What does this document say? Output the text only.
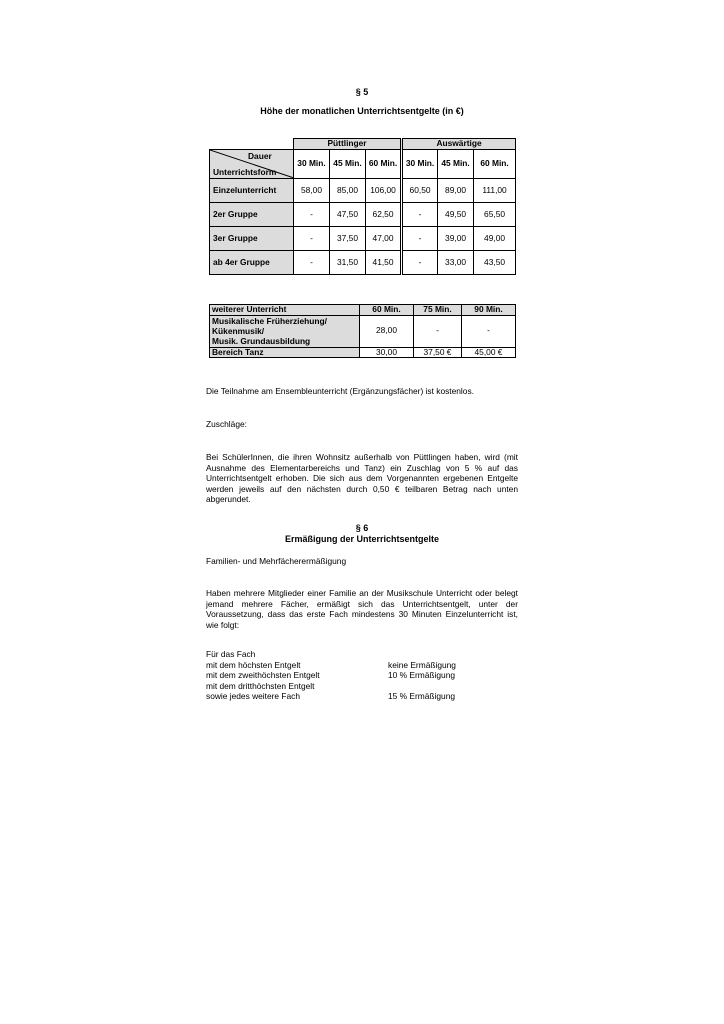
§ 5
Höhe der monatlichen Unterrichtsentgelte (in €)
	Püttlinger			Auswärtige		

Dauer
Unterrichtsform	30 Min.	45 Min.	60 Min.	30 Min.	45 Min.	60 Min.
Einzelunterricht	58,00	85,00	106,00	60,50	89,00	111,00
2er Gruppe	-	47,50	62,50	-	49,50	65,50
3er Gruppe	-	37,50	47,00	-	39,00	49,00
ab 4er Gruppe	-	31,50	41,50	-	33,00	43,50
weiterer Unterricht	60 Min.	75 Min.	90 Min.

Musikalische Früherziehung/
Kükenmusik/
Musik. Grundausbildung	28,00	-	-
Bereich Tanz	30,00	37,50 €	45,00 €
Die Teilnahme am Ensembleunterricht (Ergänzungsfächer) ist kostenlos.
Zuschläge:
Bei SchülerInnen, die ihren Wohnsitz außerhalb von Püttlingen haben, wird (mit Ausnahme des Elementarbereichs und Tanz) ein Zuschlag von 5 % auf das Unterrichtsentgelt erhoben. Die sich aus dem Vorgenannten ergebenen Entgelte werden jeweils auf den nächsten durch 0,50 € teilbaren Betrag nach unten abgerundet.
§ 6
Ermäßigung der Unterrichtsentgelte
Familien- und Mehrfächerermäßigung
Haben mehrere Mitglieder einer Familie an der Musikschule Unterricht oder belegt jemand mehrere Fächer, ermäßigt sich das Unterrichtsentgelt, unter der Voraussetzung, dass das erste Fach mindestens 30 Minuten Einzelunterricht ist, wie folgt:
Für das Fach
mit dem höchsten Entgelt	keine Ermäßigung
mit dem zweithöchsten Entgelt	10 % Ermäßigung
mit dem dritthöchsten Entgelt
sowie jedes weitere Fach	15 % Ermäßigung
